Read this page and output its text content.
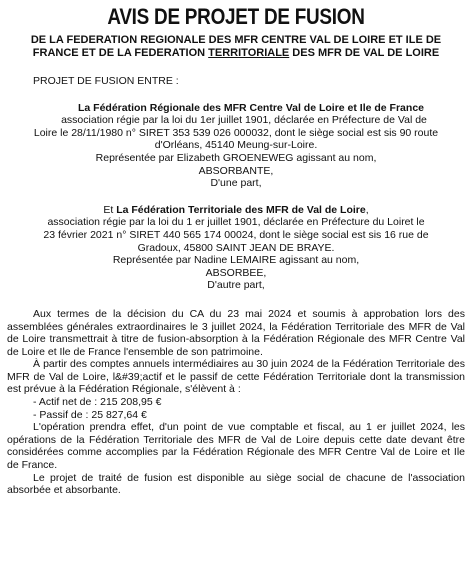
AVIS DE PROJET DE FUSION
DE LA FEDERATION REGIONALE DES MFR CENTRE VAL DE LOIRE ET ILE DE
FRANCE ET DE LA FEDERATION TERRITORIALE DES MFR DE VAL DE LOIRE
PROJET DE FUSION ENTRE :

La Fédération Régionale des MFR Centre Val de Loire et Ile de France

association régie par la loi du 1er juillet 1901, déclarée en Préfecture de Val de

Loire le 28/11/1980 n° SIRET 353 539 026 000032, dont le siège social est sis 90 route

d'Orléans, 45140 Meung-sur-Loire.

Représentée par Elizabeth GROENEWEG agissant au nom,

ABSORBANTE,

D'une part,

Et La Fédération Territoriale des MFR de Val de Loire,

association régie par la loi du 1 er juillet 1901, déclarée en Préfecture du Loiret le

23 février 2021 n° SIRET 440 565 174 00024, dont le siège social est sis 16 rue de

Gradoux, 45800 SAINT JEAN DE BRAYE.

Représentée par Nadine LEMAIRE agissant au nom,

ABSORBEE,

D'autre part,

Aux termes de la décision du CA du 23 mai 2024 et soumis à approbation lors des assemblées générales extraordinaires le 3 juillet 2024, la Fédération Territoriale des MFR de Val de Loire transmettrait à titre de fusion-absorption à la Fédération Régionale des MFR Centre Val de Loire et Ile de France l'ensemble de son patrimoine.

À partir des comptes annuels intermédiaires au 30 juin 2024 de la Fédération Territoriale des MFR de Val de Loire, l&#39;actif et le passif de cette Fédération Territoriale dont la transmission est prévue à la Fédération Régionale, s'élèvent à :

- Actif net de : 215 208,95 €

- Passif de : 25 827,64 €

L'opération prendra effet, d'un point de vue comptable et fiscal, au 1 er juillet 2024, les opérations de la Fédération Territoriale des MFR de Val de Loire depuis cette date devant être considérées comme accomplies par la Fédération Régionale des MFR Centre Val de Loire et Ile de France.

Le projet de traité de fusion est disponible au siège social de chacune de l'association absorbée et absorbante.
